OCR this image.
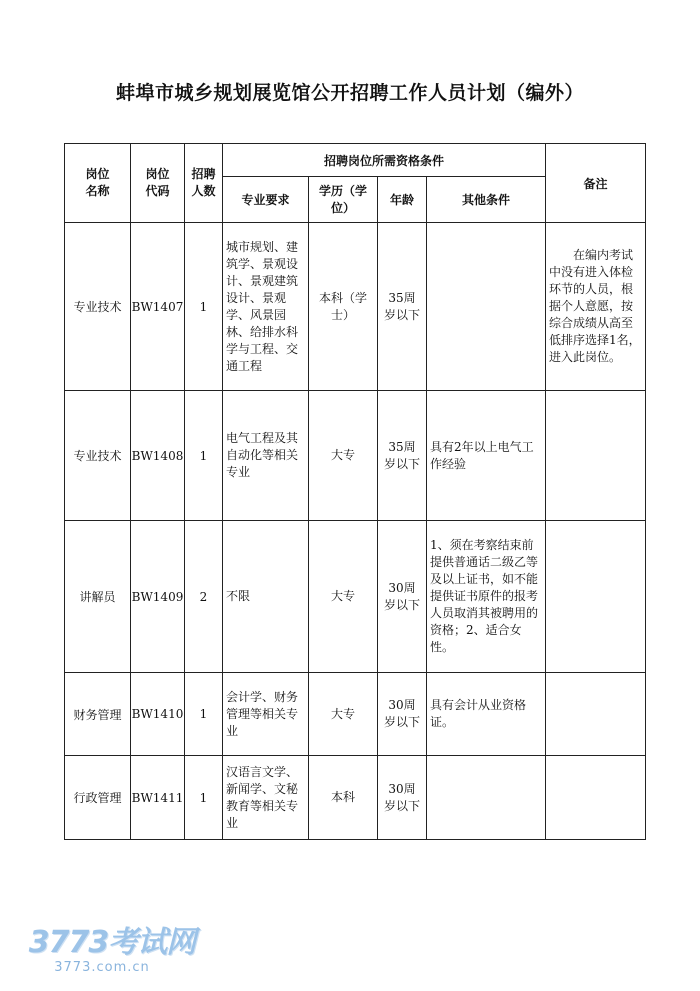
蚌埠市城乡规划展览馆公开招聘工作人员计划（编外）
岗位名称	岗位代码	招聘人数	招聘岗位所需资格条件				备注
			专业要求	学历（学位）	年龄	其他条件	
专业技术	BW1407	1	城市规划、建筑学、景观设计、景观建筑设计、景观学、风景园林、给排水科学与工程、交通工程	本科（学士）	35周岁以下		在编内考试中没有进入体检环节的人员，根据个人意愿，按综合成绩从高至低排序选择1名，进入此岗位。
专业技术	BW1408	1	电气工程及其自动化等相关专业	大专	35周岁以下	具有2年以上电气工作经验	
讲解员	BW1409	2	不限	大专	30周岁以下	1、须在考察结束前提供普通话二级乙等及以上证书，如不能提供证书原件的报考人员取消其被聘用的资格；2、适合女性。	
财务管理	BW1410	1	会计学、财务管理等相关专业	大专	30周岁以下	具有会计从业资格证。	
行政管理	BW1411	1	汉语言文学、新闻学、文秘教育等相关专业	本科	30周岁以下		

3773考试网
3773.com.cn
